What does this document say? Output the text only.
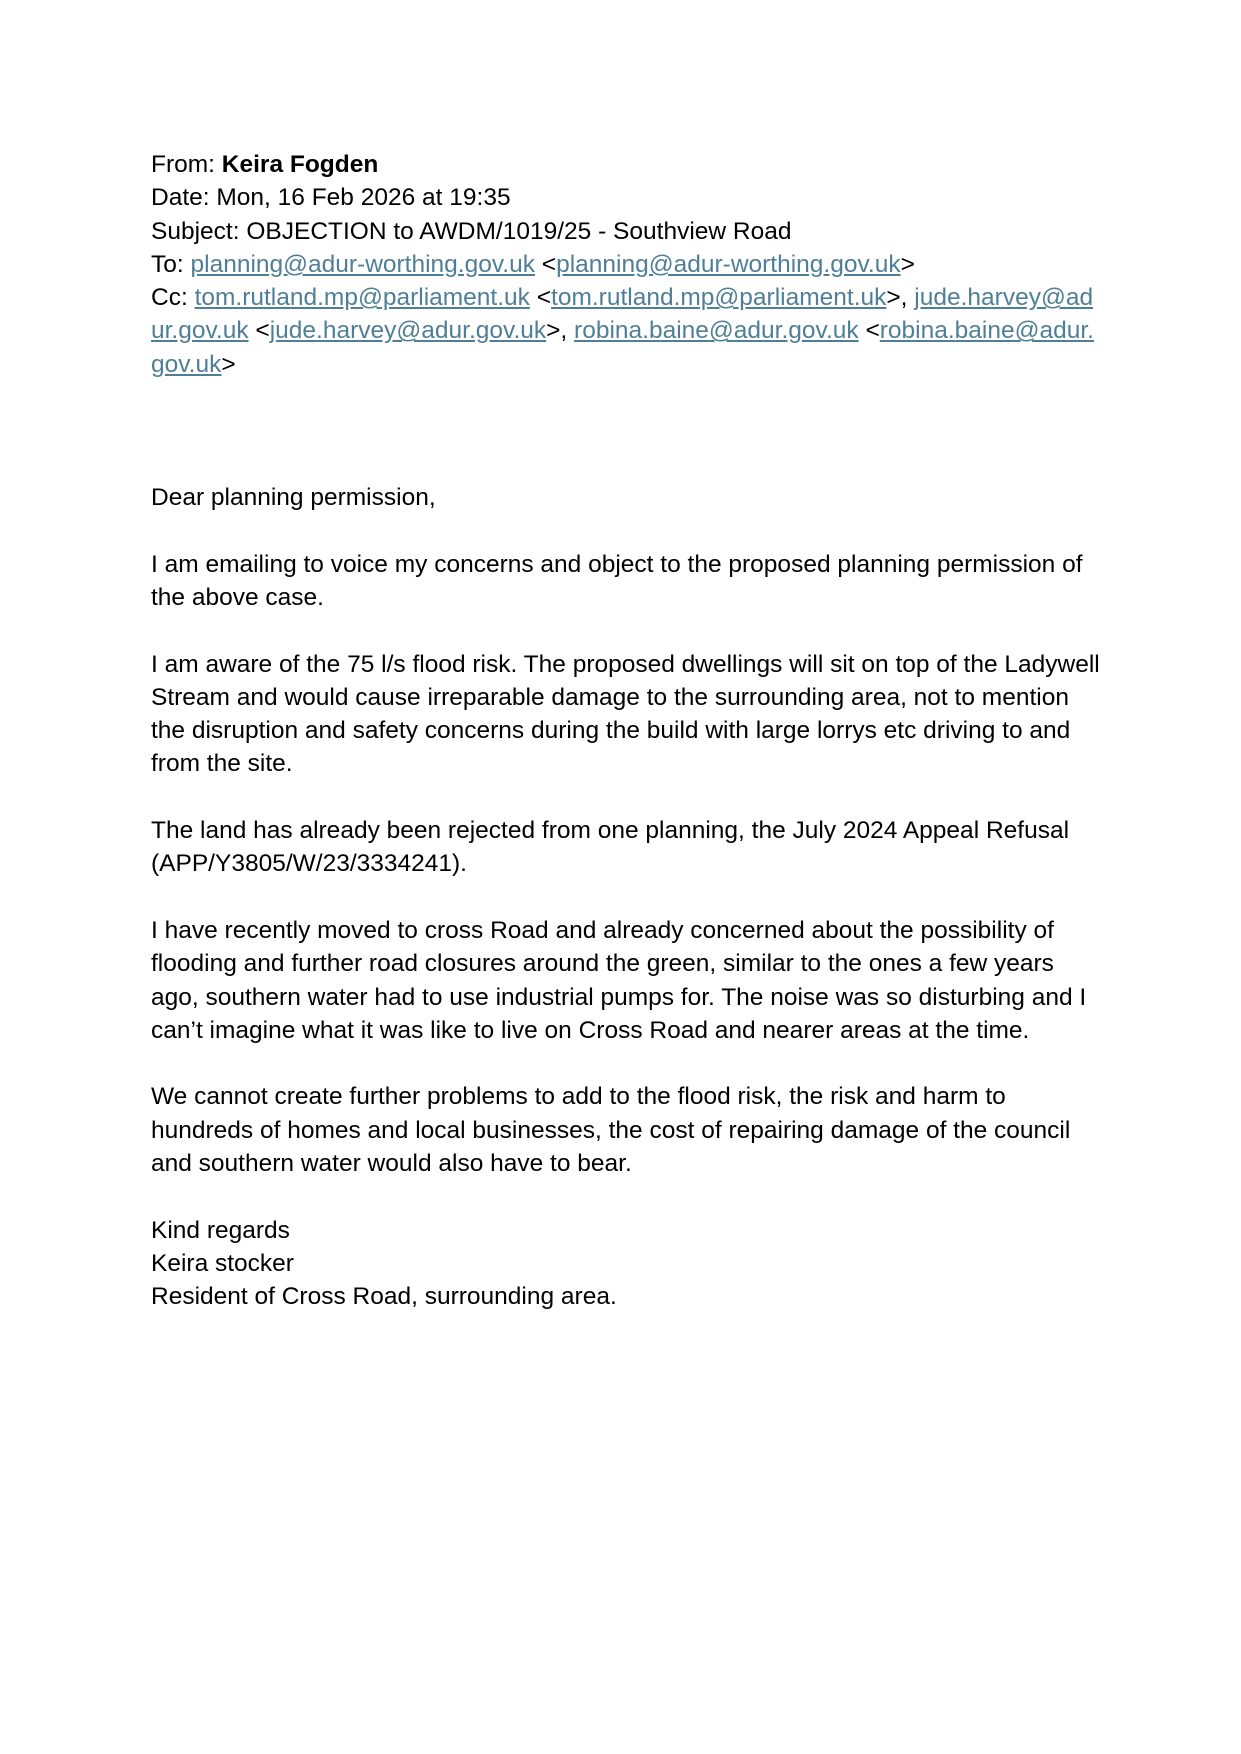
From: Keira Fogden

Date: Mon, 16 Feb 2026 at 19:35

Subject: OBJECTION to AWDM/1019/25 - Southview Road

To: planning@adur-worthing.gov.uk <planning@adur-worthing.gov.uk>

Cc: tom.rutland.mp@parliament.uk <tom.rutland.mp@parliament.uk>, jude.harvey@adur.gov.uk <jude.harvey@adur.gov.uk>, robina.baine@adur.gov.uk <robina.baine@adur.gov.uk>

Dear planning permission,

I am emailing to voice my concerns and object to the proposed planning permission of the above case.

I am aware of the 75 l/s flood risk. The proposed dwellings will sit on top of the Ladywell Stream and would cause irreparable damage to the surrounding area, not to mention the disruption and safety concerns during the build with large lorrys etc driving to and from the site.

The land has already been rejected from one planning, the July 2024 Appeal Refusal (APP/Y3805/W/23/3334241).

I have recently moved to cross Road and already concerned about the possibility of flooding and further road closures around the green, similar to the ones a few years ago, southern water had to use industrial pumps for. The noise was so disturbing and I can’t imagine what it was like to live on Cross Road and nearer areas at the time.

We cannot create further problems to add to the flood risk, the risk and harm to hundreds of homes and local businesses, the cost of repairing damage of the council and southern water would also have to bear.

Kind regards

Keira stocker

Resident of Cross Road, surrounding area.
